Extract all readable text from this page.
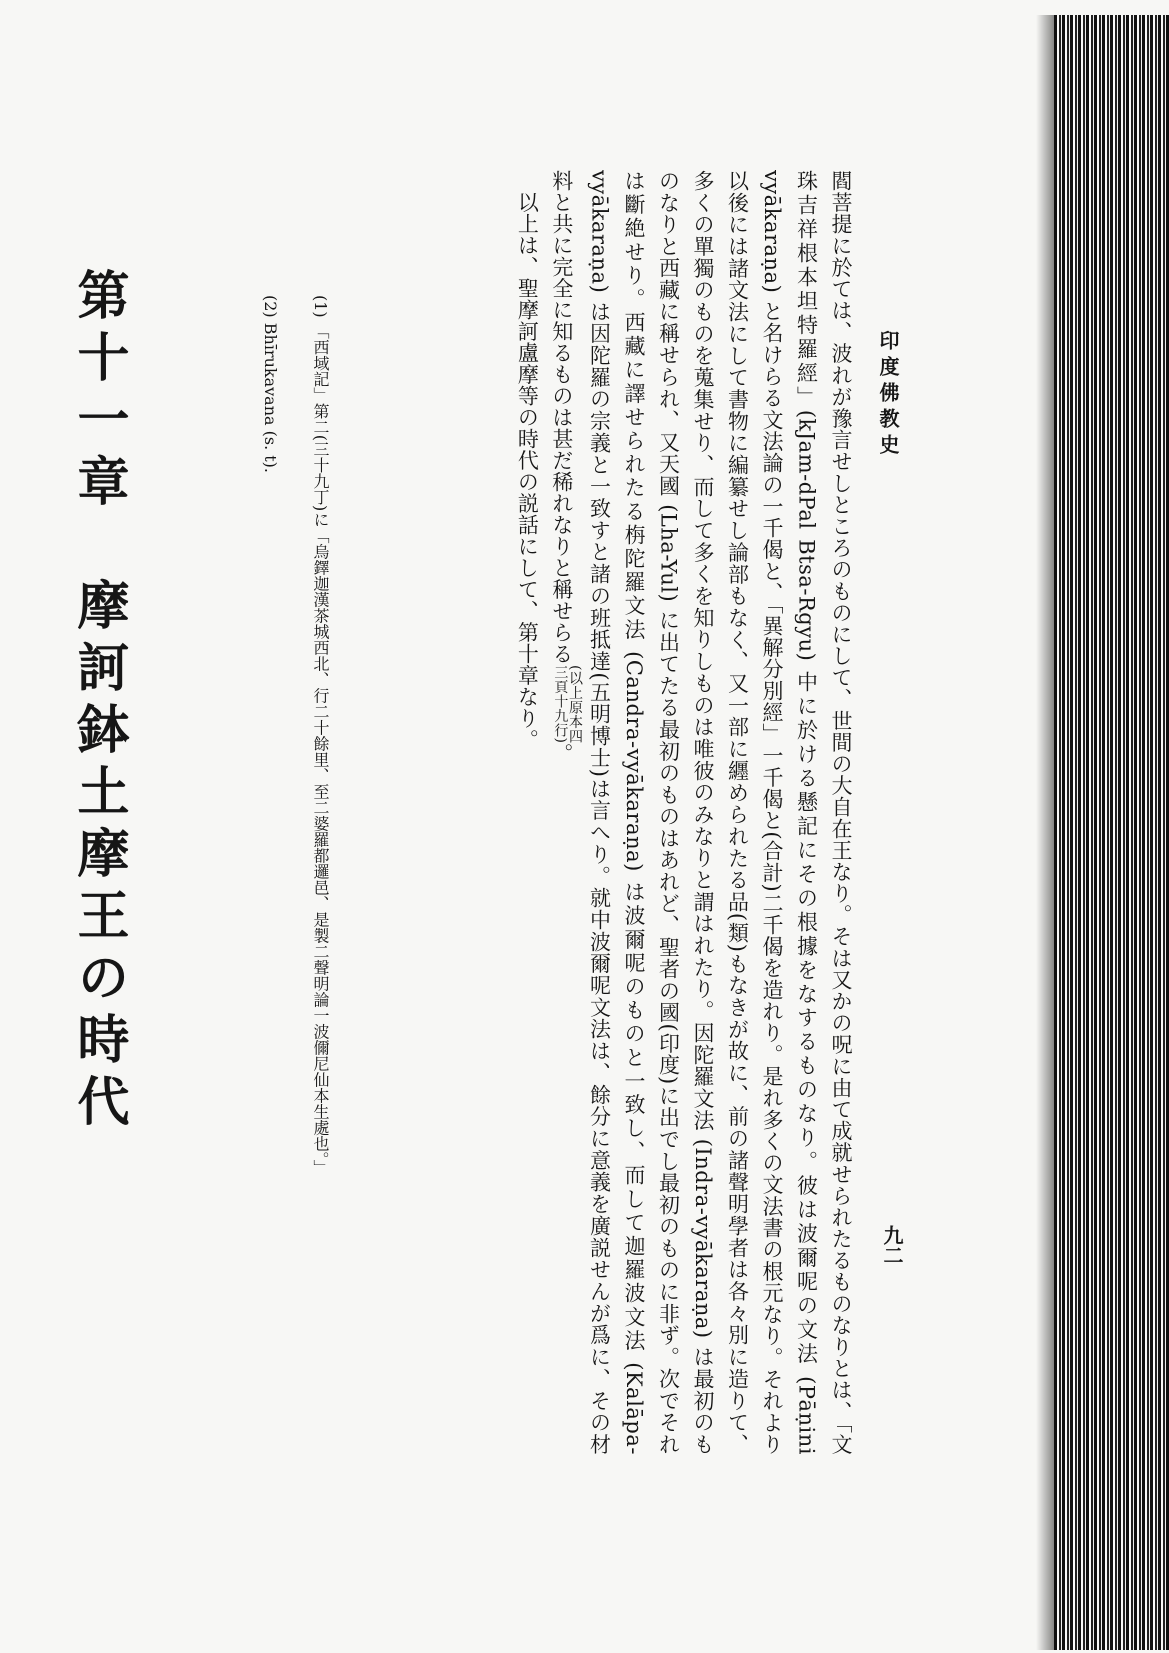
印度佛教史
九二

閻菩提に於ては、波れが豫言せしところのものにして、世間の大自在王なり。そは又かの呪に由て成就せられたるものなりとは、「文珠吉祥根本坦特羅經」(kJam-dPal Btsa-Rgyu) 中に於ける懸記にその根據をなするものなり。彼は波爾呢の文法 (Pāṇini vyākaraṇa) と名けらる文法論の一千偈と、「異解分別經」一千偈と(合計)二千偈を造れり。是れ多くの文法書の根元なり。それより以後には諸文法にして書物に編纂せし論部もなく、又一部に纒められたる品(類)もなきが故に、前の諸聲明學者は各々別に造りて、多くの單獨のものを蒐集せり、而して多くを知りしものは唯彼のみなりと謂はれたり。因陀羅文法 (Indra-vyākaraṇa) は最初のものなりと西藏に稱せられ、又天國 (Lha-Yul) に出てたる最初のものはあれど、聖者の國(印度)に出でし最初のものに非ず。次でそれは斷絶せり。西藏に譯せられたる栴陀羅文法 (Candra-vyākaraṇa) は波爾呢のものと一致し、而して迦羅波文法 (Kalāpa-vyākaraṇa) は因陀羅の宗義と一致すと諸の班抵達(五明博士)は言へり。就中波爾呢文法は、餘分に意義を廣説せんが爲に、その材料と共に完全に知るものは甚だ稀れなりと稱せらる(以上原本四
三頁十九行)。

　以上は、聖摩訶盧摩等の時代の説話にして、第十章なり。

(1) 「西域記」第二(三十九丁)に「烏鐸迦漢茶城西北、行二十餘里、至二婆羅都邏邑、是製二聲明論一波儞尼仙本生處也。」
(2) Bhīrukavana (s. t).
第十一章　摩訶鉢土摩王の時代
